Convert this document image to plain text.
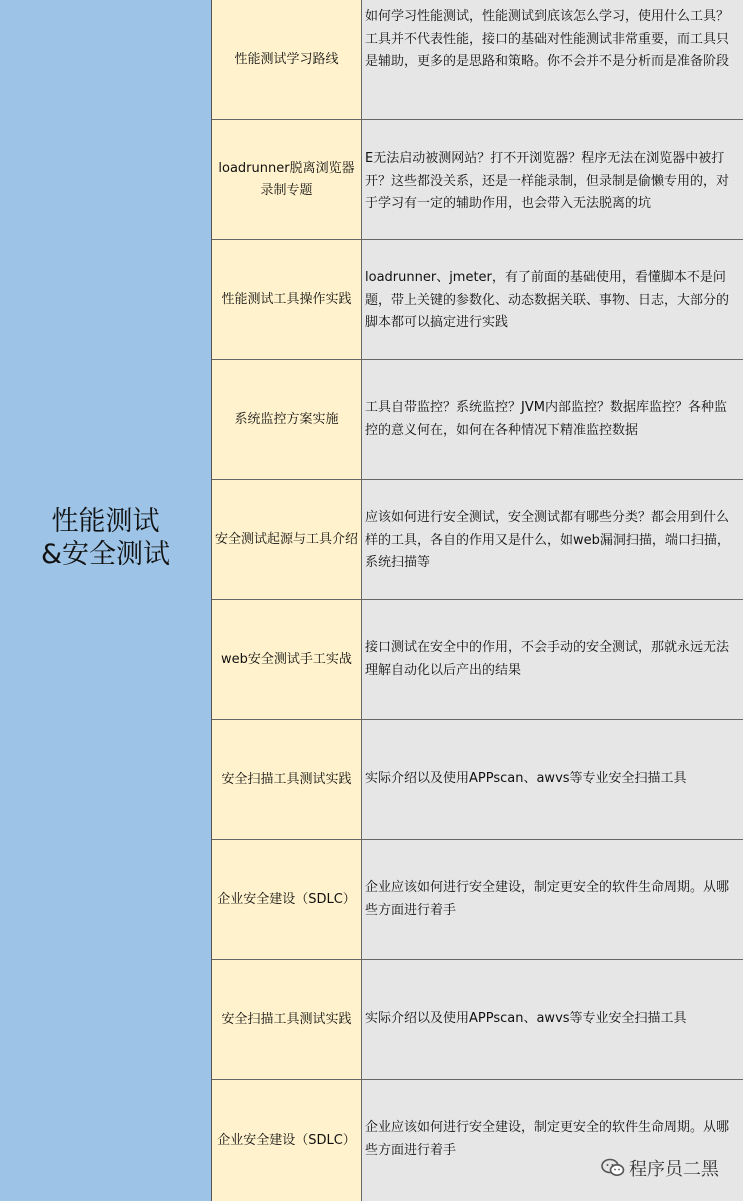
性能测试
&安全测试
性能测试学习路线
如何学习性能测试，性能测试到底该怎么学习，使用什么工具？工具并不代表性能，接口的基础对性能测试非常重要，而工具只是辅助，更多的是思路和策略。你不会并不是分析而是准备阶段
loadrunner脱离浏览器录制专题
E无法启动被测网站？打不开浏览器？程序无法在浏览器中被打开？这些都没关系，还是一样能录制，但录制是偷懒专用的，对于学习有一定的辅助作用，也会带入无法脱离的坑
性能测试工具操作实践
loadrunner、jmeter，有了前面的基础使用，看懂脚本不是问题，带上关键的参数化、动态数据关联、事物、日志，大部分的脚本都可以搞定进行实践
系统监控方案实施
工具自带监控？系统监控？JVM内部监控？数据库监控？各种监控的意义何在，如何在各种情况下精准监控数据
安全测试起源与工具介绍
应该如何进行安全测试，安全测试都有哪些分类？都会用到什么样的工具，各自的作用又是什么，如web漏洞扫描，端口扫描，系统扫描等
web安全测试手工实战
接口测试在安全中的作用，不会手动的安全测试，那就永远无法理解自动化以后产出的结果
安全扫描工具测试实践	实际介绍以及使用APPscan、awvs等专业安全扫描工具
企业安全建设（SDLC）
企业应该如何进行安全建设，制定更安全的软件生命周期。从哪些方面进行着手
安全扫描工具测试实践	实际介绍以及使用APPscan、awvs等专业安全扫描工具
企业安全建设（SDLC）
企业应该如何进行安全建设，制定更安全的软件生命周期。从哪些方面进行着手
程序员二黑
